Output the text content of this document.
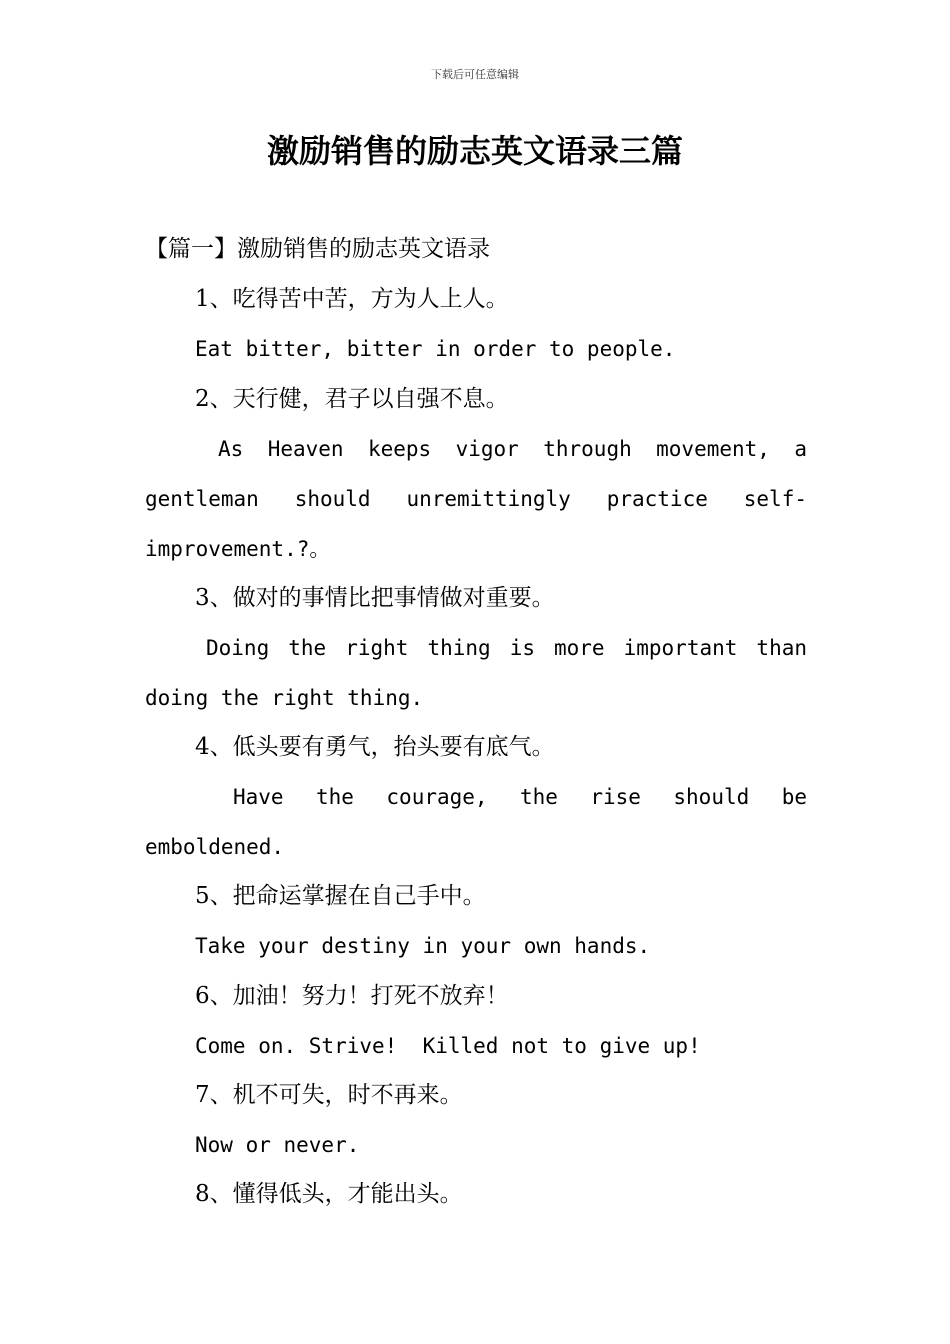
下载后可任意编辑
激励销售的励志英文语录三篇
【篇一】激励销售的励志英文语录
1、吃得苦中苦，方为人上人。
Eat bitter, bitter in order to people.
2、天行健，君子以自强不息。
As Heaven keeps vigor through movement, a
gentleman should unremittingly practice self-
improvement.?。
3、做对的事情比把事情做对重要。
Doing the right thing is more important than
doing the right thing.
4、低头要有勇气，抬头要有底气。
Have the courage, the rise should be
emboldened.
5、把命运掌握在自己手中。
Take your destiny in your own hands.
6、加油！努力！打死不放弃！
Come on. Strive!  Killed not to give up!
7、机不可失，时不再来。
Now or never.
8、懂得低头，才能出头。
